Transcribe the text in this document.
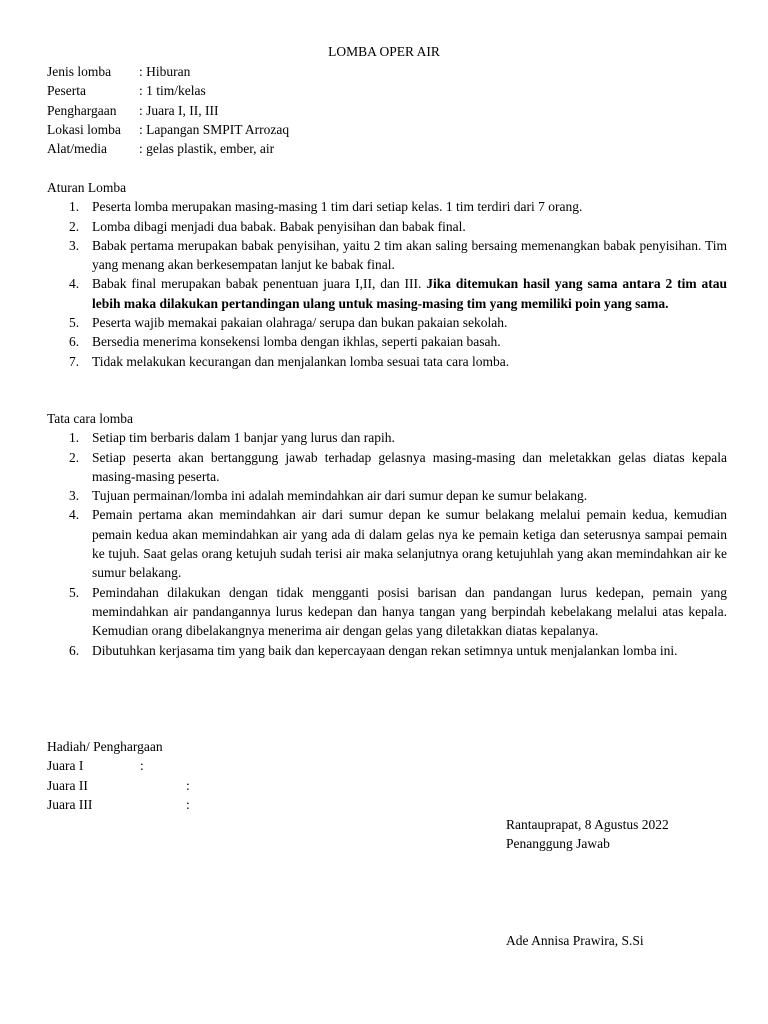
LOMBA OPER AIR
Jenis lomba	: Hiburan
Peserta	: 1 tim/kelas
Penghargaan	: Juara I, II, III
Lokasi lomba	: Lapangan SMPIT Arrozaq
Alat/media	: gelas plastik, ember, air
Aturan Lomba
1. Peserta lomba merupakan masing-masing 1 tim dari setiap kelas. 1 tim terdiri dari 7 orang.
2. Lomba dibagi menjadi dua babak. Babak penyisihan dan babak final.
3. Babak pertama merupakan babak penyisihan, yaitu 2 tim akan saling bersaing memenangkan babak penyisihan. Tim yang menang akan berkesempatan lanjut ke babak final.
4. Babak final merupakan babak penentuan juara I,II, dan III. Jika ditemukan hasil yang sama antara 2 tim atau lebih maka dilakukan pertandingan ulang untuk masing-masing tim yang memiliki poin yang sama.
5. Peserta wajib memakai pakaian olahraga/ serupa dan bukan pakaian sekolah.
6. Bersedia menerima konsekensi lomba dengan ikhlas, seperti pakaian basah.
7. Tidak melakukan kecurangan dan menjalankan lomba sesuai tata cara lomba.
Tata cara lomba
1. Setiap tim berbaris dalam 1 banjar yang lurus dan rapih.
2. Setiap peserta akan bertanggung jawab terhadap gelasnya masing-masing dan meletakkan gelas diatas kepala masing-masing peserta.
3. Tujuan permainan/lomba ini adalah memindahkan air dari sumur depan ke sumur belakang.
4. Pemain pertama akan memindahkan air dari sumur depan ke sumur belakang melalui pemain kedua, kemudian pemain kedua akan memindahkan air yang ada di dalam gelas nya ke pemain ketiga dan seterusnya sampai pemain ke tujuh. Saat gelas orang ketujuh sudah terisi air maka selanjutnya orang ketujuhlah yang akan memindahkan air ke sumur belakang.
5. Pemindahan dilakukan dengan tidak mengganti posisi barisan dan pandangan lurus kedepan, pemain yang memindahkan air pandangannya lurus kedepan dan hanya tangan yang berpindah kebelakang melalui atas kepala. Kemudian orang dibelakangnya menerima air dengan gelas yang diletakkan diatas kepalanya.
6. Dibutuhkan kerjasama tim yang baik dan kepercayaan dengan rekan setimnya untuk menjalankan lomba ini.
Hadiah/ Penghargaan
Juara I	:
Juara II	:
Juara III	:
Rantauprapat, 8 Agustus 2022
Penanggung Jawab
Ade Annisa Prawira, S.Si
